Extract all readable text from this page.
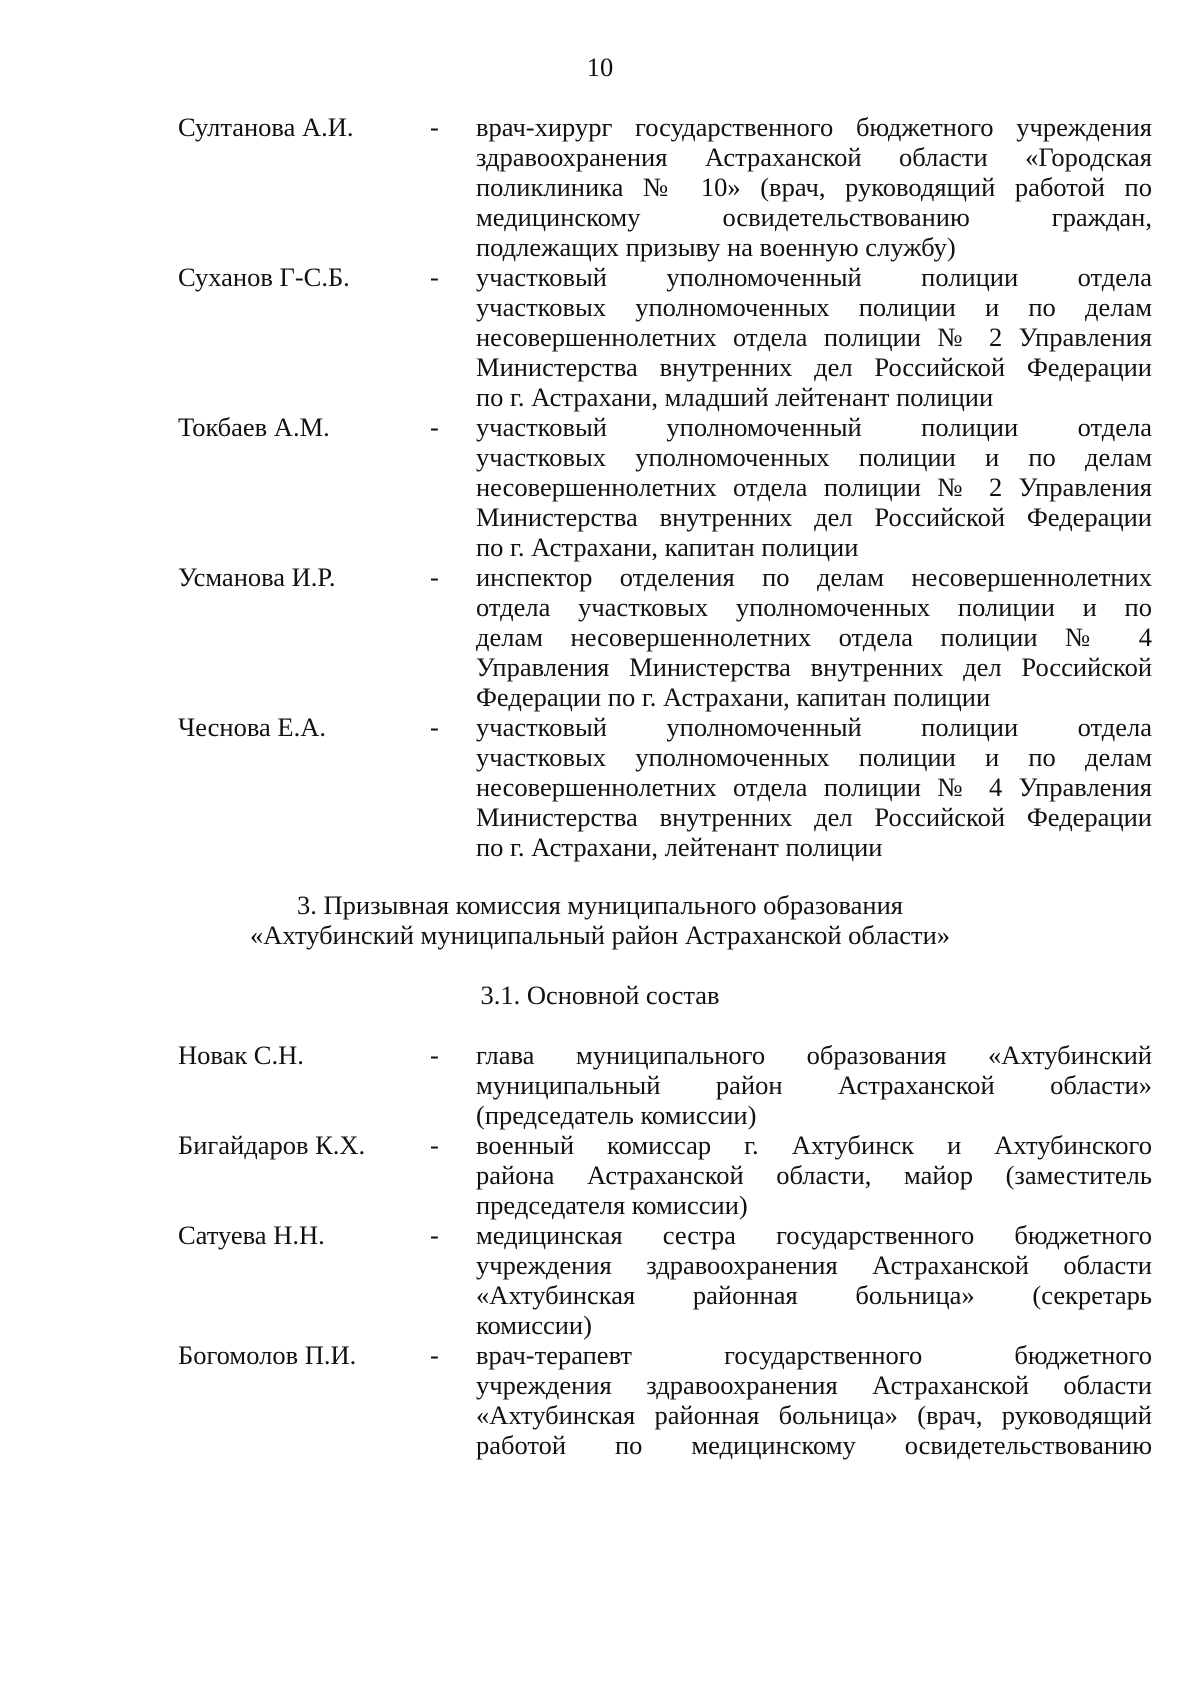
10
Султанова А.И.	-	врач-хирург государственного бюджетного учреждения
здравоохранения Астраханской области «Городская
поликлиника № 10» (врач, руководящий работой по
медицинскому освидетельствованию граждан,
подлежащих призыву на военную службу)
Суханов Г-С.Б.	-	участковый уполномоченный полиции отдела
участковых уполномоченных полиции и по делам
несовершеннолетних отдела полиции № 2 Управления
Министерства внутренних дел Российской Федерации
по г. Астрахани, младший лейтенант полиции
Токбаев А.М.	-	участковый уполномоченный полиции отдела
участковых уполномоченных полиции и по делам
несовершеннолетних отдела полиции № 2 Управления
Министерства внутренних дел Российской Федерации
по г. Астрахани, капитан полиции
Усманова И.Р.	-	инспектор отделения по делам несовершеннолетних
отдела участковых уполномоченных полиции и по
делам несовершеннолетних отдела полиции № 4
Управления Министерства внутренних дел Российской
Федерации по г. Астрахани, капитан полиции
Чеснова Е.А.	-	участковый уполномоченный полиции отдела
участковых уполномоченных полиции и по делам
несовершеннолетних отдела полиции № 4 Управления
Министерства внутренних дел Российской Федерации
по г. Астрахани, лейтенант полиции
3. Призывная комиссия муниципального образования
«Ахтубинский муниципальный район Астраханской области»
3.1. Основной состав
Новак С.Н.	-	глава муниципального образования «Ахтубинский
муниципальный район Астраханской области»
(председатель комиссии)
Бигайдаров К.Х.	-	военный комиссар г. Ахтубинск и Ахтубинского
района Астраханской области, майор (заместитель
председателя комиссии)
Сатуева Н.Н.	-	медицинская сестра государственного бюджетного
учреждения здравоохранения Астраханской области
«Ахтубинская районная больница» (секретарь
комиссии)
Богомолов П.И.	-	врач-терапевт государственного бюджетного
учреждения здравоохранения Астраханской области
«Ахтубинская районная больница» (врач, руководящий
работой по медицинскому освидетельствованию
